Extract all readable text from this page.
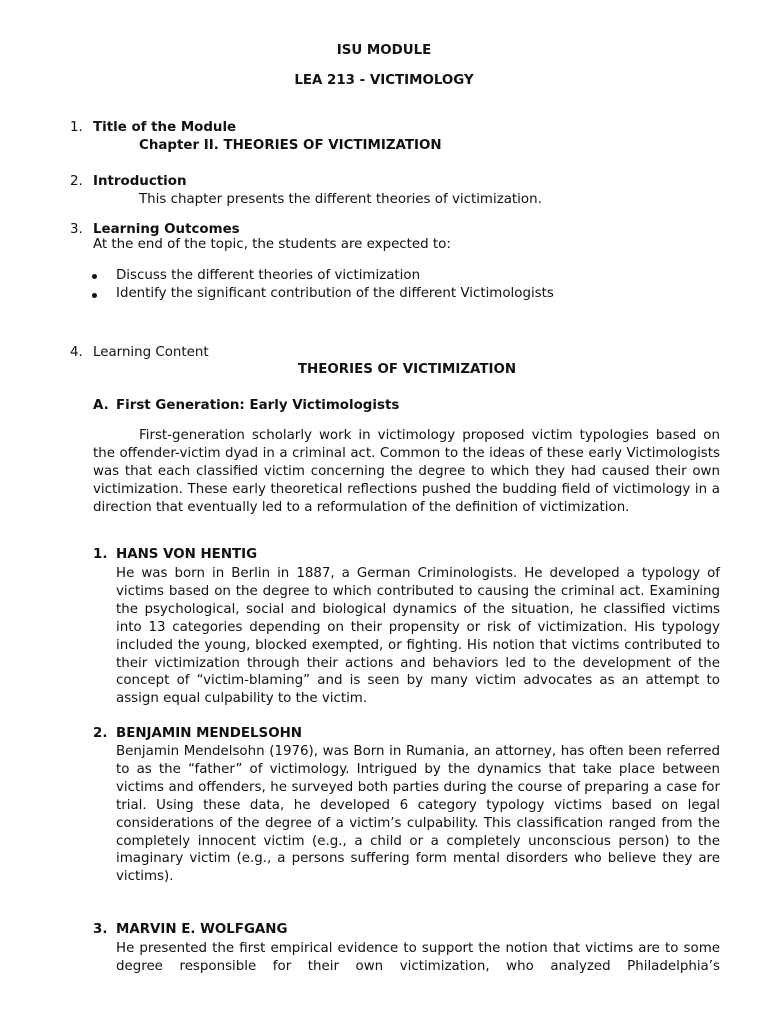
ISU MODULE
LEA 213 - VICTIMOLOGY
1. Title of the Module
Chapter II. THEORIES OF VICTIMIZATION
2. Introduction
This chapter presents the different theories of victimization.
3. Learning Outcomes
At the end of the topic, the students are expected to:
Discuss the different theories of victimization
Identify the significant contribution of the different Victimologists
4. Learning Content
THEORIES OF VICTIMIZATION
A. First Generation: Early Victimologists
First-generation scholarly work in victimology proposed victim typologies based on the offender-victim dyad in a criminal act. Common to the ideas of these early Victimologists was that each classified victim concerning the degree to which they had caused their own victimization. These early theoretical reflections pushed the budding field of victimology in a direction that eventually led to a reformulation of the definition of victimization.
1. HANS VON HENTIG
He was born in Berlin in 1887, a German Criminologists. He developed a typology of victims based on the degree to which contributed to causing the criminal act. Examining the psychological, social and biological dynamics of the situation, he classified victims into 13 categories depending on their propensity or risk of victimization. His typology included the young, blocked exempted, or fighting. His notion that victims contributed to their victimization through their actions and behaviors led to the development of the concept of “victim-blaming” and is seen by many victim advocates as an attempt to assign equal culpability to the victim.
2. BENJAMIN MENDELSOHN
Benjamin Mendelsohn (1976), was Born in Rumania, an attorney, has often been referred to as the “father” of victimology. Intrigued by the dynamics that take place between victims and offenders, he surveyed both parties during the course of preparing a case for trial. Using these data, he developed 6 category typology victims based on legal considerations of the degree of a victim’s culpability. This classification ranged from the completely innocent victim (e.g., a child or a completely unconscious person) to the imaginary victim (e.g., a persons suffering form mental disorders who believe they are victims).
3. MARVIN E. WOLFGANG
He presented the first empirical evidence to support the notion that victims are to some degree responsible for their own victimization, who analyzed Philadelphia’s
